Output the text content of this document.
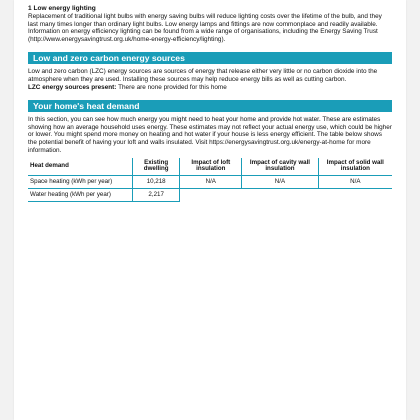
1 Low energy lighting

Replacement of traditional light bulbs with energy saving bulbs will reduce lighting costs over the lifetime of the bulb, and they last many times longer than ordinary light bulbs. Low energy lamps and fittings are now commonplace and readily available. Information on energy efficiency lighting can be found from a wide range of organisations, including the Energy Saving Trust (http://www.energysavingtrust.org.uk/home-energy-efficiency/lighting).

Low and zero carbon energy sources

Low and zero carbon (LZC) energy sources are sources of energy that release either very little or no carbon dioxide into the atmosphere when they are used. Installing these sources may help reduce energy bills as well as cutting carbon.

LZC energy sources present: There are none provided for this home

Your home's heat demand

In this section, you can see how much energy you might need to heat your home and provide hot water. These are estimates showing how an average household uses energy. These estimates may not reflect your actual energy use, which could be higher or lower. You might spend more money on heating and hot water if your house is less energy efficient. The table below shows the potential benefit of having your loft and walls insulated. Visit https://energysavingtrust.org.uk/energy-at-home for more information.

Heat demand	Existing dwelling	Impact of loft insulation	Impact of cavity wall insulation	Impact of solid wall insulation
Space heating (kWh per year)	10,218	N/A	N/A	N/A
Water heating (kWh per year)	2,217			
